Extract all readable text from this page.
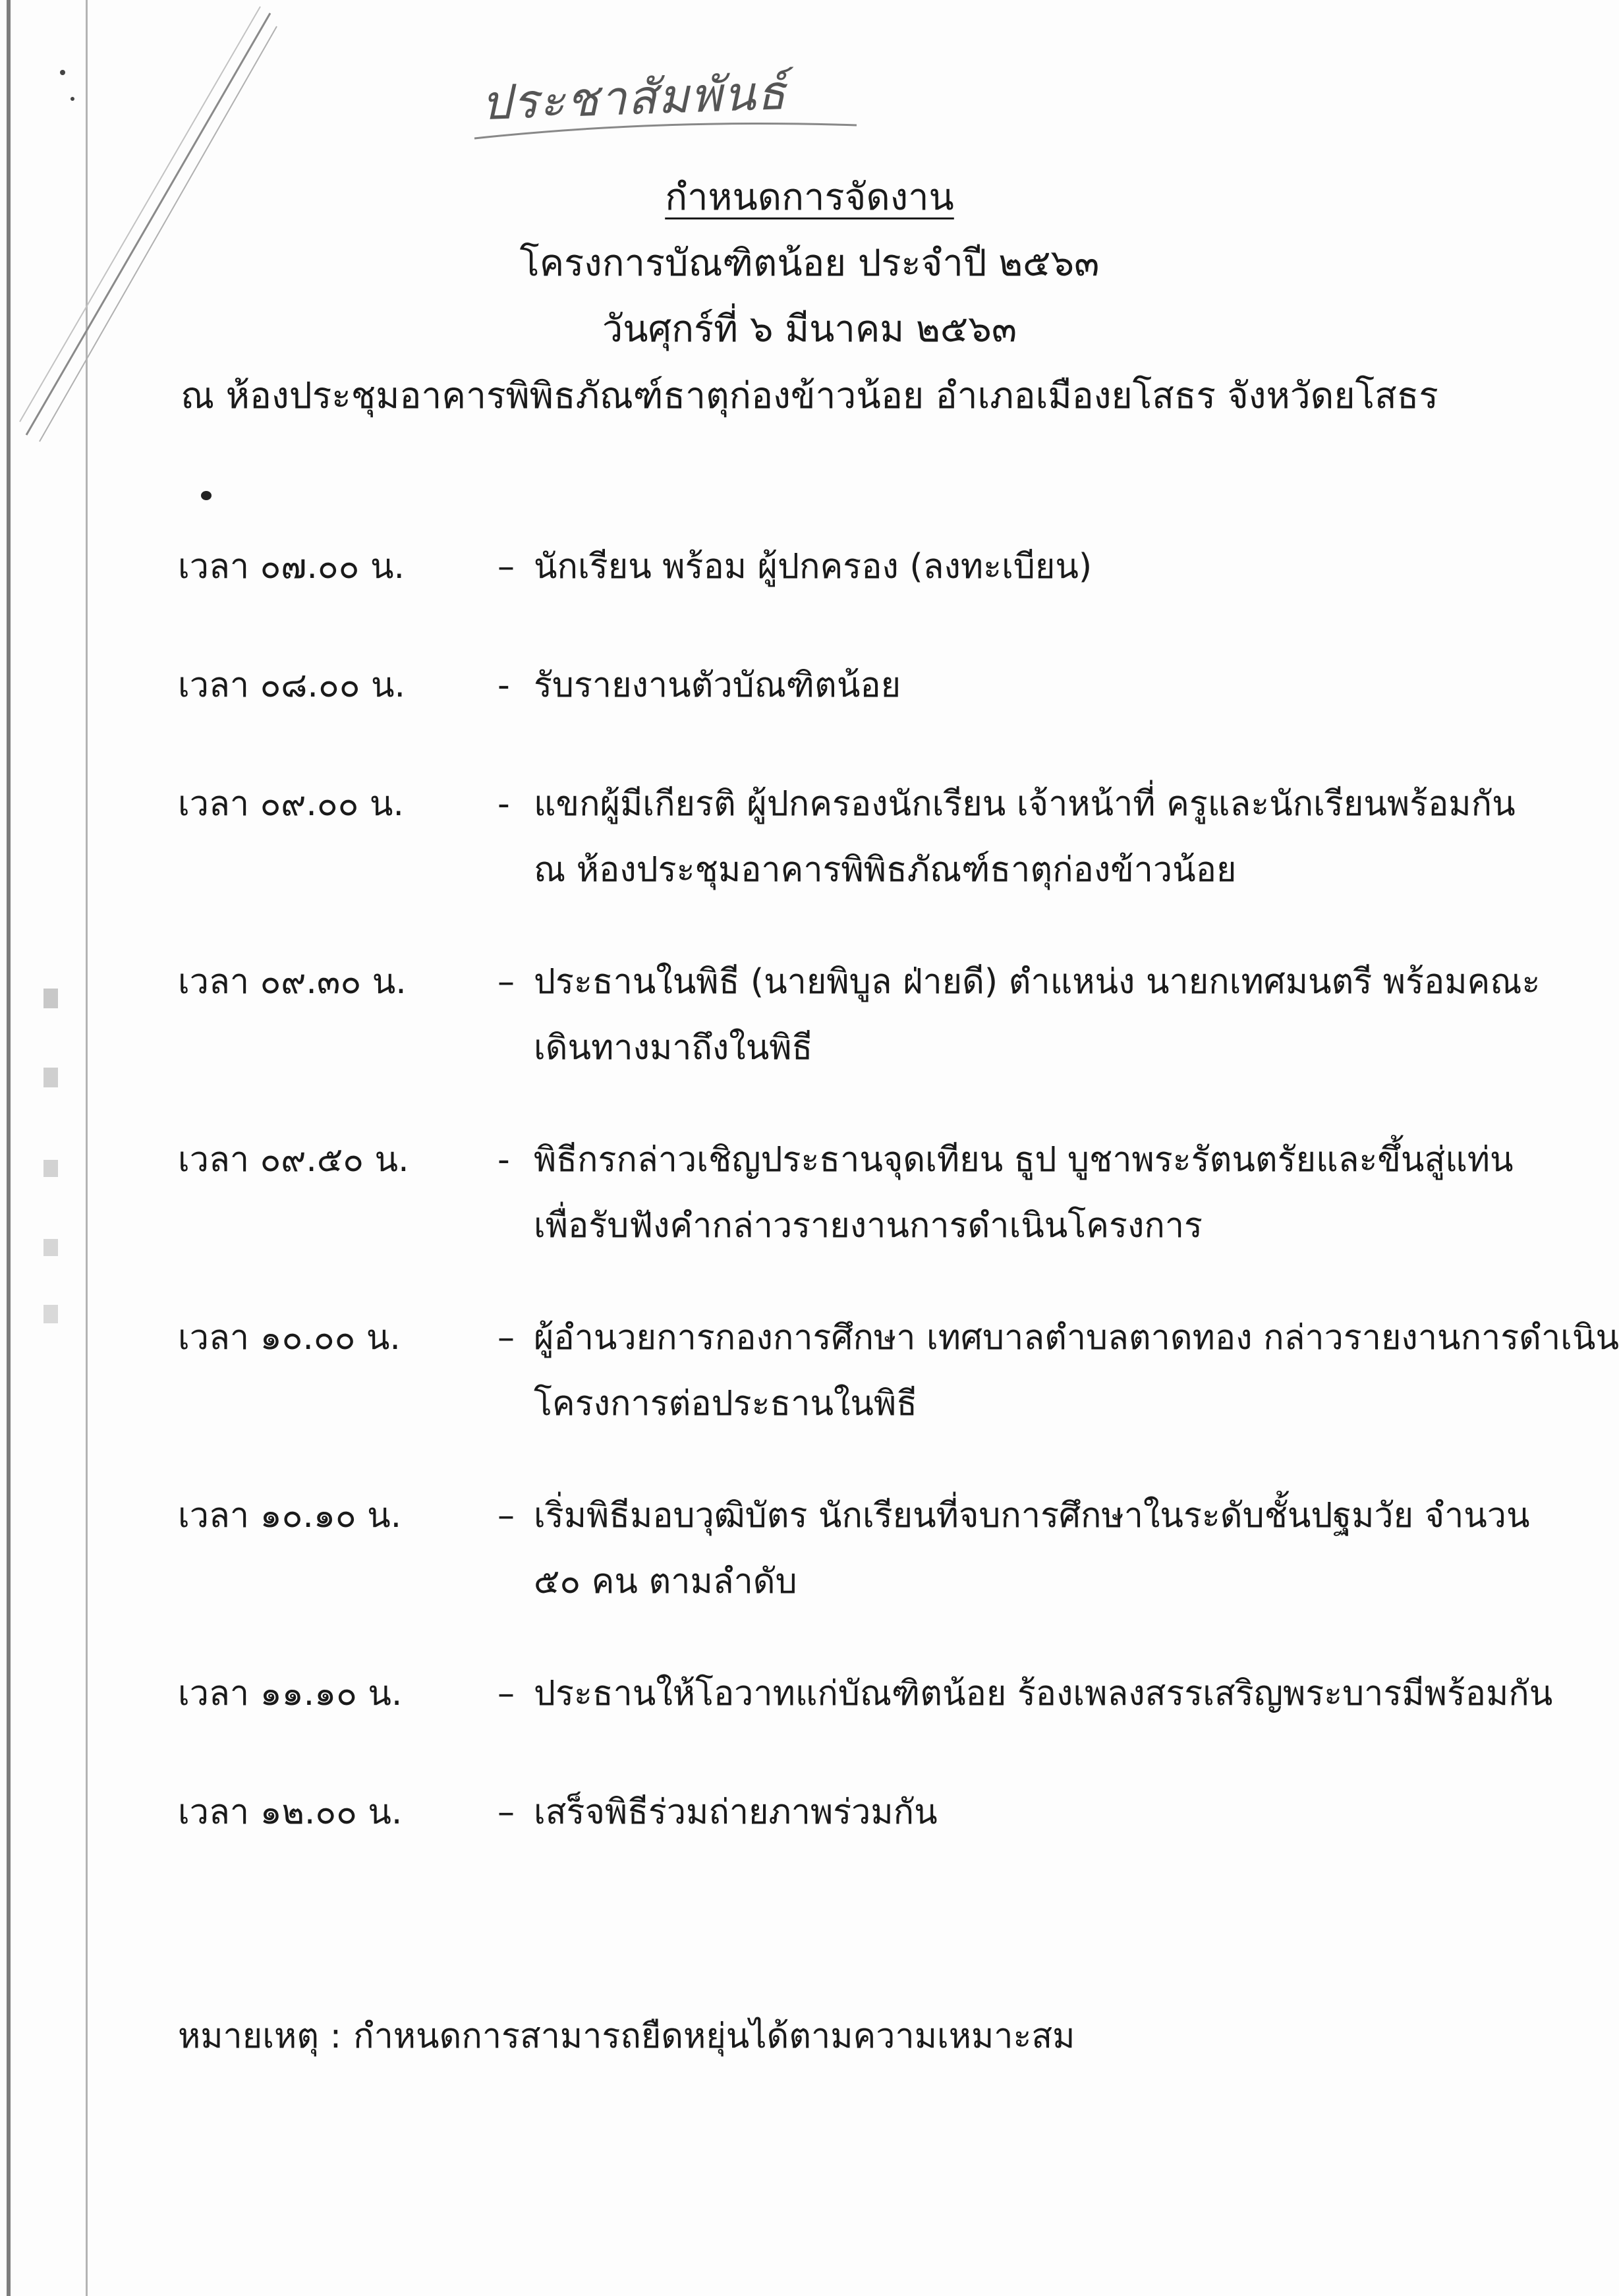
ประชาสัมพันธ์
กำหนดการจัดงาน
โครงการบัณฑิตน้อย ประจำปี ๒๕๖๓
วันศุกร์ที่ ๖ มีนาคม ๒๕๖๓
ณ ห้องประชุมอาคารพิพิธภัณฑ์ธาตุก่องข้าวน้อย อำเภอเมืองยโสธร จังหวัดยโสธร
เวลา ๐๗.๐๐ น.	– นักเรียน พร้อม ผู้ปกครอง (ลงทะเบียน)
เวลา ๐๘.๐๐ น.	- รับรายงานตัวบัณฑิตน้อย
เวลา ๐๙.๐๐ น.	- แขกผู้มีเกียรติ ผู้ปกครองนักเรียน เจ้าหน้าที่ ครูและนักเรียนพร้อมกัน
ณ ห้องประชุมอาคารพิพิธภัณฑ์ธาตุก่องข้าวน้อย
เวลา ๐๙.๓๐ น.	– ประธานในพิธี (นายพิบูล ฝ่ายดี) ตำแหน่ง นายกเทศมนตรี พร้อมคณะ
เดินทางมาถึงในพิธี
เวลา ๐๙.๕๐ น.	- พิธีกรกล่าวเชิญประธานจุดเทียน ธูป บูชาพระรัตนตรัยและขึ้นสู่แท่น
เพื่อรับฟังคำกล่าวรายงานการดำเนินโครงการ
เวลา ๑๐.๐๐ น.	– ผู้อำนวยการกองการศึกษา เทศบาลตำบลตาดทอง กล่าวรายงานการดำเนิน
โครงการต่อประธานในพิธี
เวลา ๑๐.๑๐ น.	– เริ่มพิธีมอบวุฒิบัตร นักเรียนที่จบการศึกษาในระดับชั้นปฐมวัย จำนวน
๕๐ คน ตามลำดับ
เวลา ๑๑.๑๐ น.	– ประธานให้โอวาทแก่บัณฑิตน้อย ร้องเพลงสรรเสริญพระบารมีพร้อมกัน
เวลา ๑๒.๐๐ น.	– เสร็จพิธีร่วมถ่ายภาพร่วมกัน
หมายเหตุ : กำหนดการสามารถยืดหยุ่นได้ตามความเหมาะสม
